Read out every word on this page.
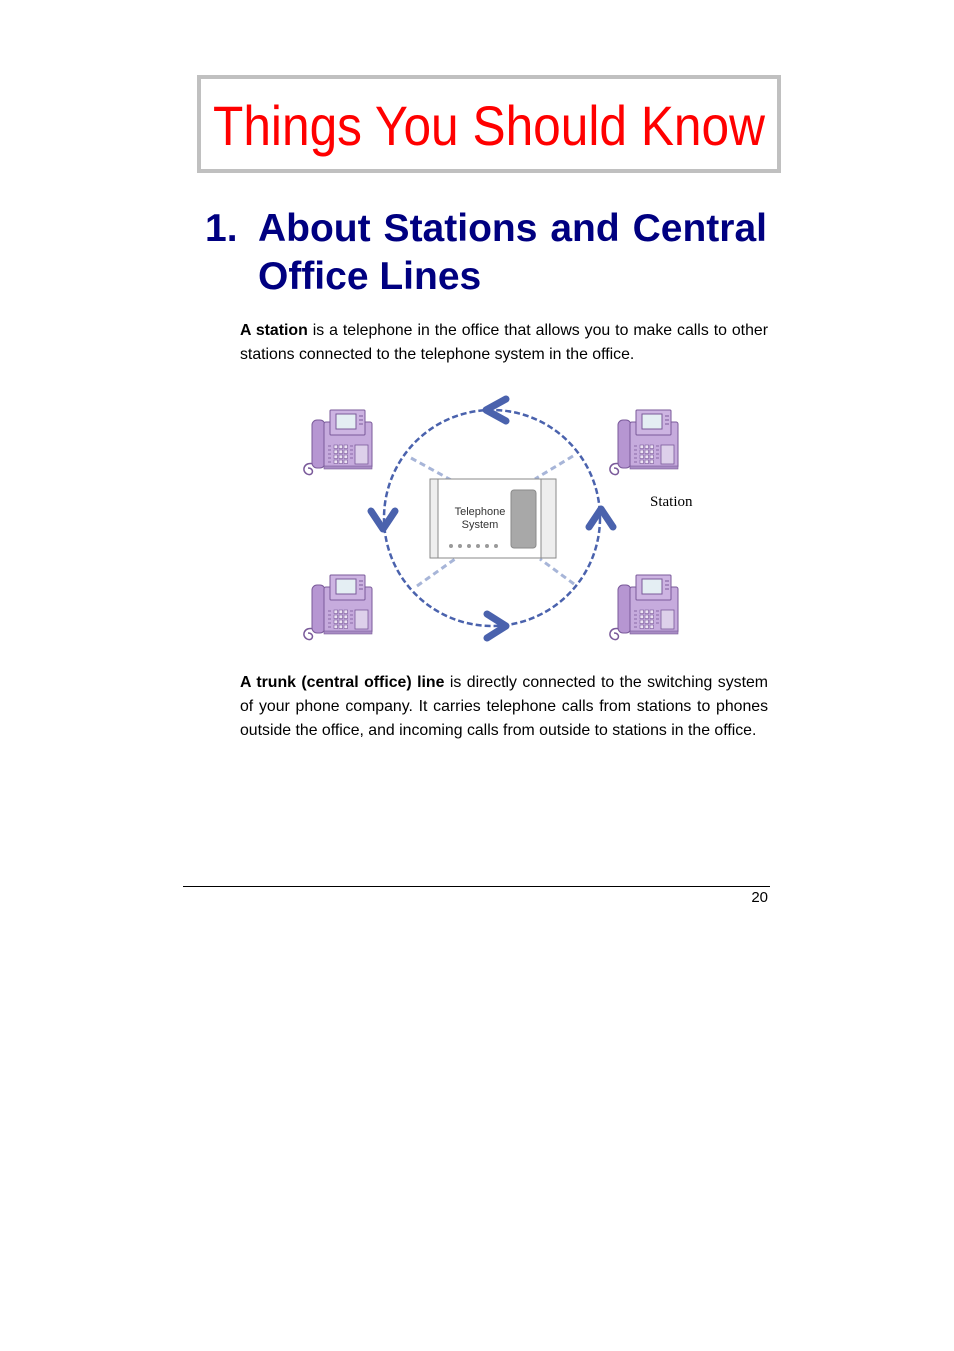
Things You Should Know
1. About Stations and Central Office Lines

A station is a telephone in the office that allows you to make calls to other stations connected to the telephone system in the office.

Telephone
System
Station

A trunk (central office) line is directly connected to the switching system of your phone company. It carries telephone calls from stations to phones outside the office, and incoming calls from outside to stations in the office.

20
